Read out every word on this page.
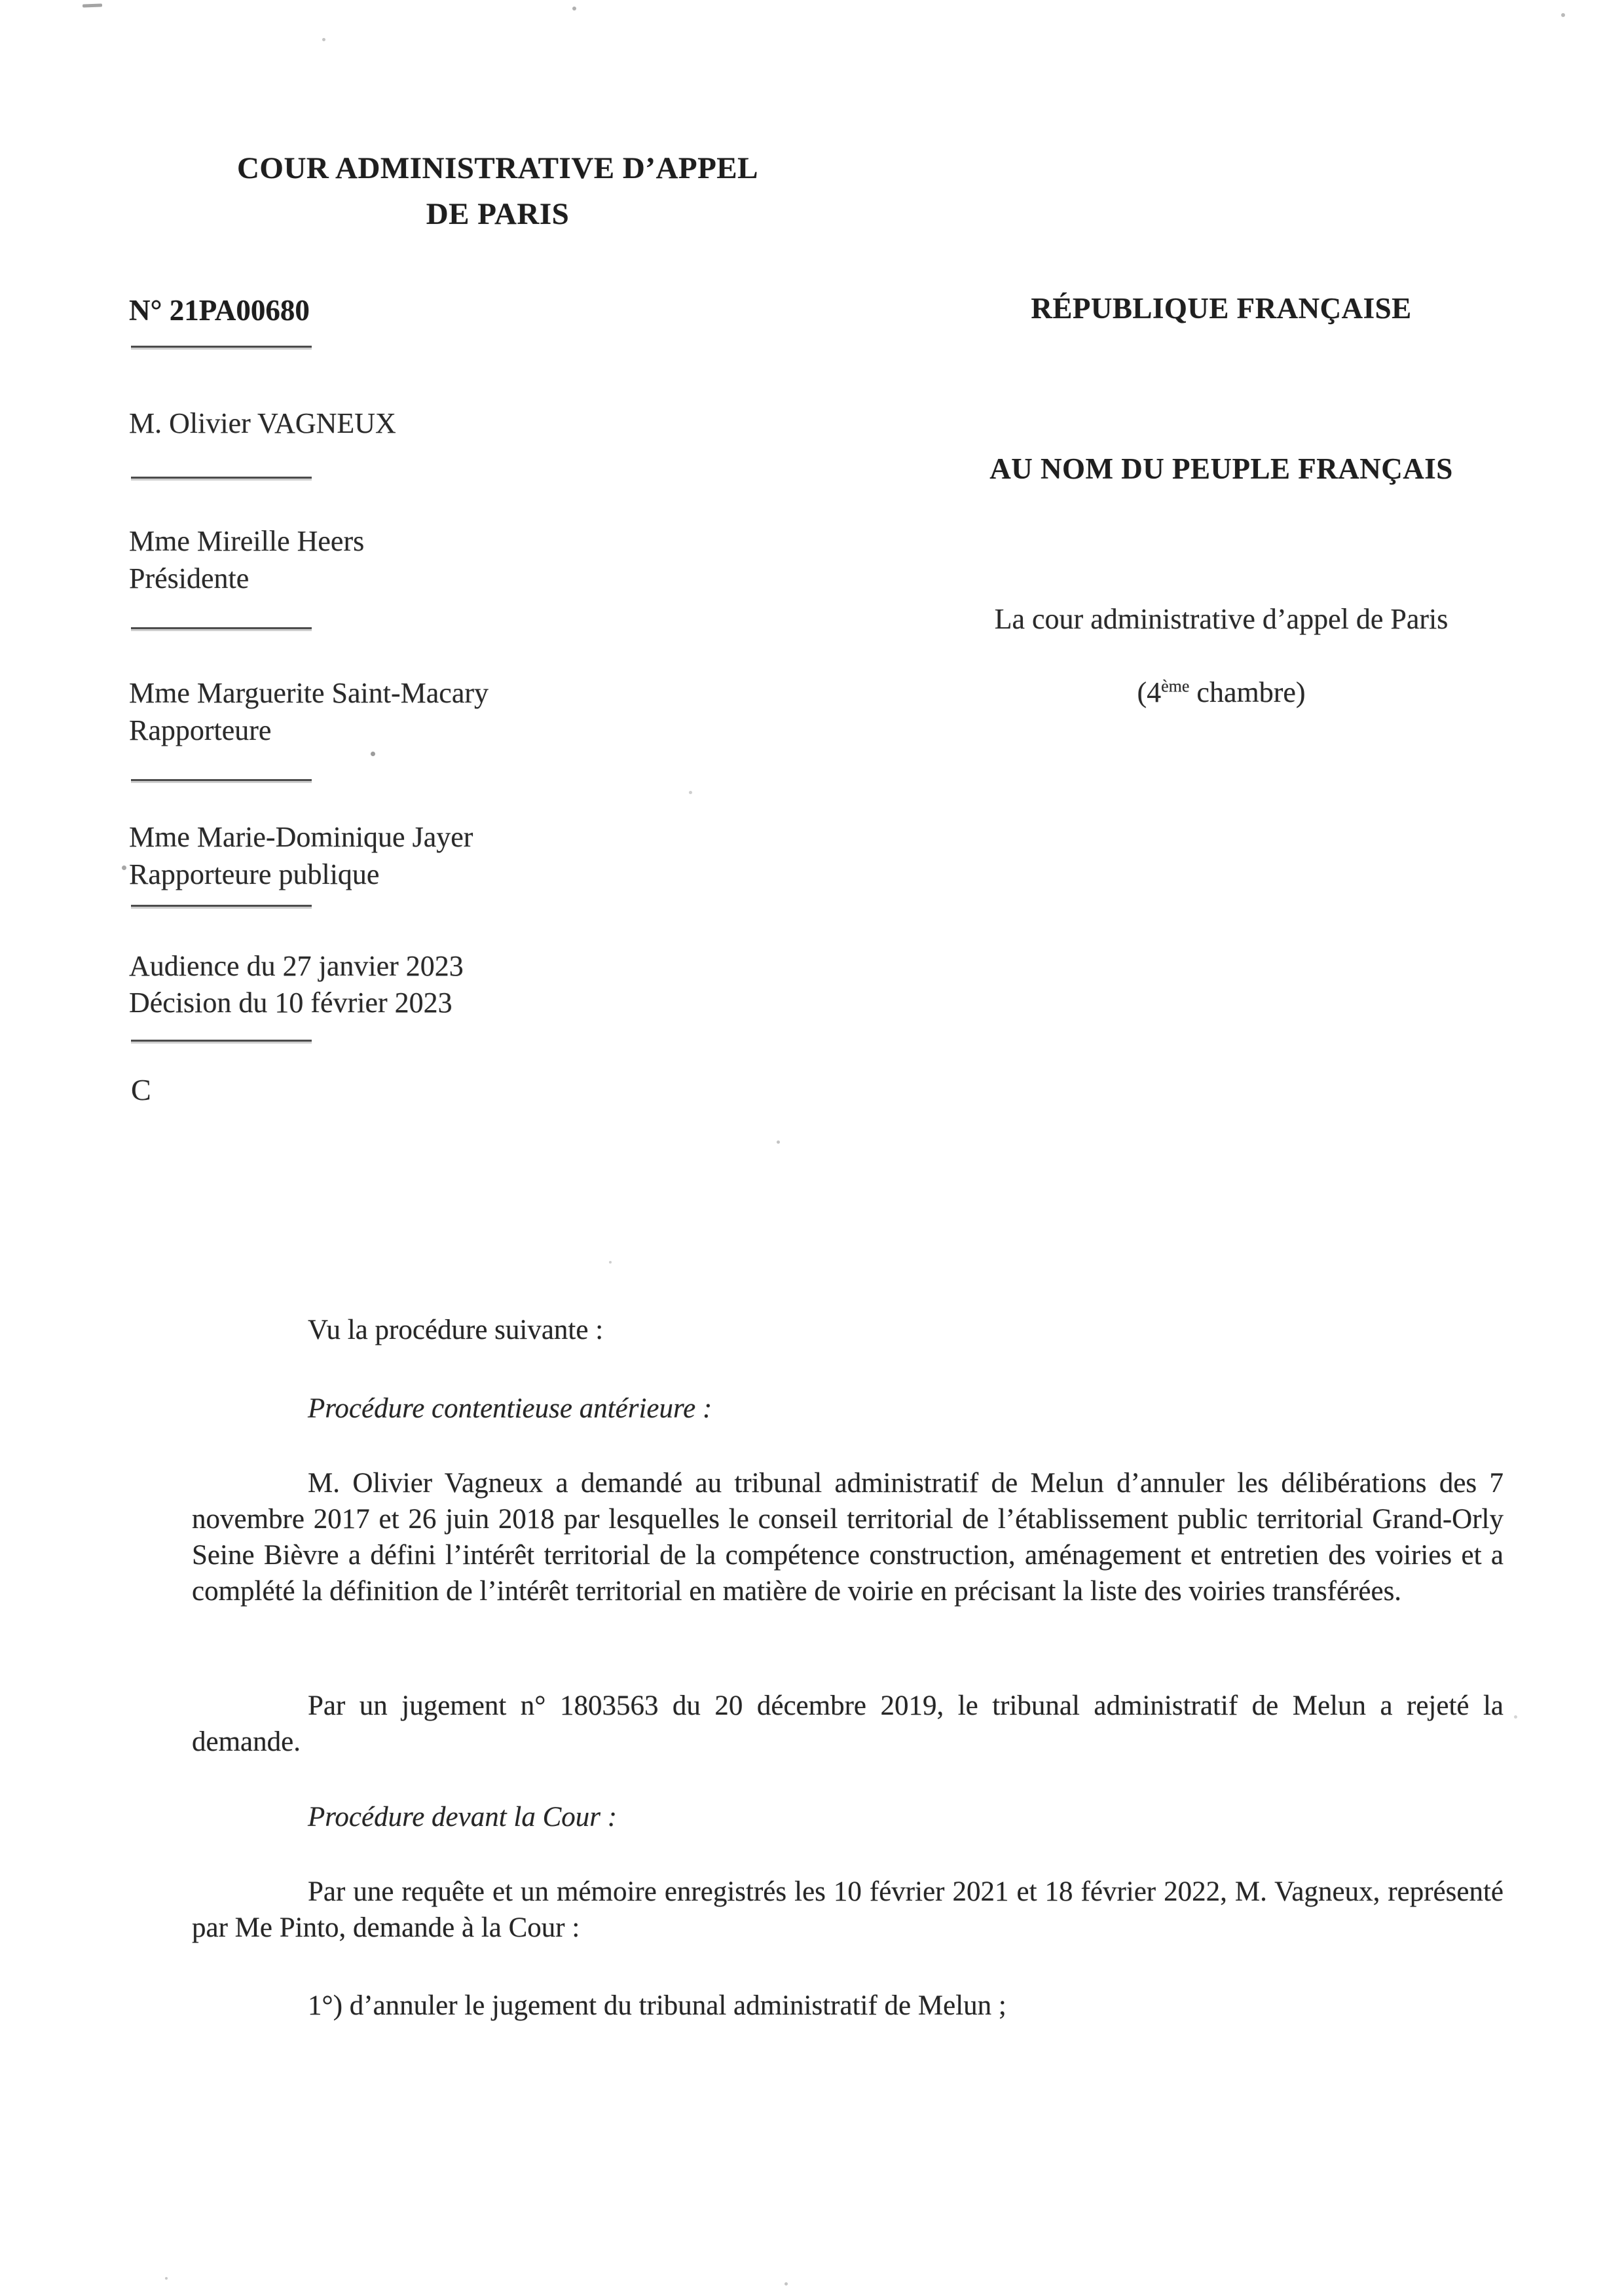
COUR ADMINISTRATIVE D’APPEL
DE PARIS
N° 21PA00680
M. Olivier VAGNEUX
Mme Mireille Heers
Présidente
Mme Marguerite Saint-Macary
Rapporteure
Mme Marie-Dominique Jayer
Rapporteure publique
Audience du 27 janvier 2023
Décision du 10 février 2023
C
RÉPUBLIQUE FRANÇAISE
AU NOM DU PEUPLE FRANÇAIS
La cour administrative d’appel de Paris
(4ème chambre)
Vu la procédure suivante :
Procédure contentieuse antérieure :
M. Olivier Vagneux a demandé au tribunal administratif de Melun d’annuler les délibérations des 7 novembre 2017 et 26 juin 2018 par lesquelles le conseil territorial de l’établissement public territorial Grand-Orly Seine Bièvre a défini l’intérêt territorial de la compétence construction, aménagement et entretien des voiries et a complété la définition de l’intérêt territorial en matière de voirie en précisant la liste des voiries transférées.
Par un jugement n° 1803563 du 20 décembre 2019, le tribunal administratif de Melun a rejeté la demande.
Procédure devant la Cour :
Par une requête et un mémoire enregistrés les 10 février 2021 et 18 février 2022, M. Vagneux, représenté par Me Pinto, demande à la Cour :
1°) d’annuler le jugement du tribunal administratif de Melun ;
